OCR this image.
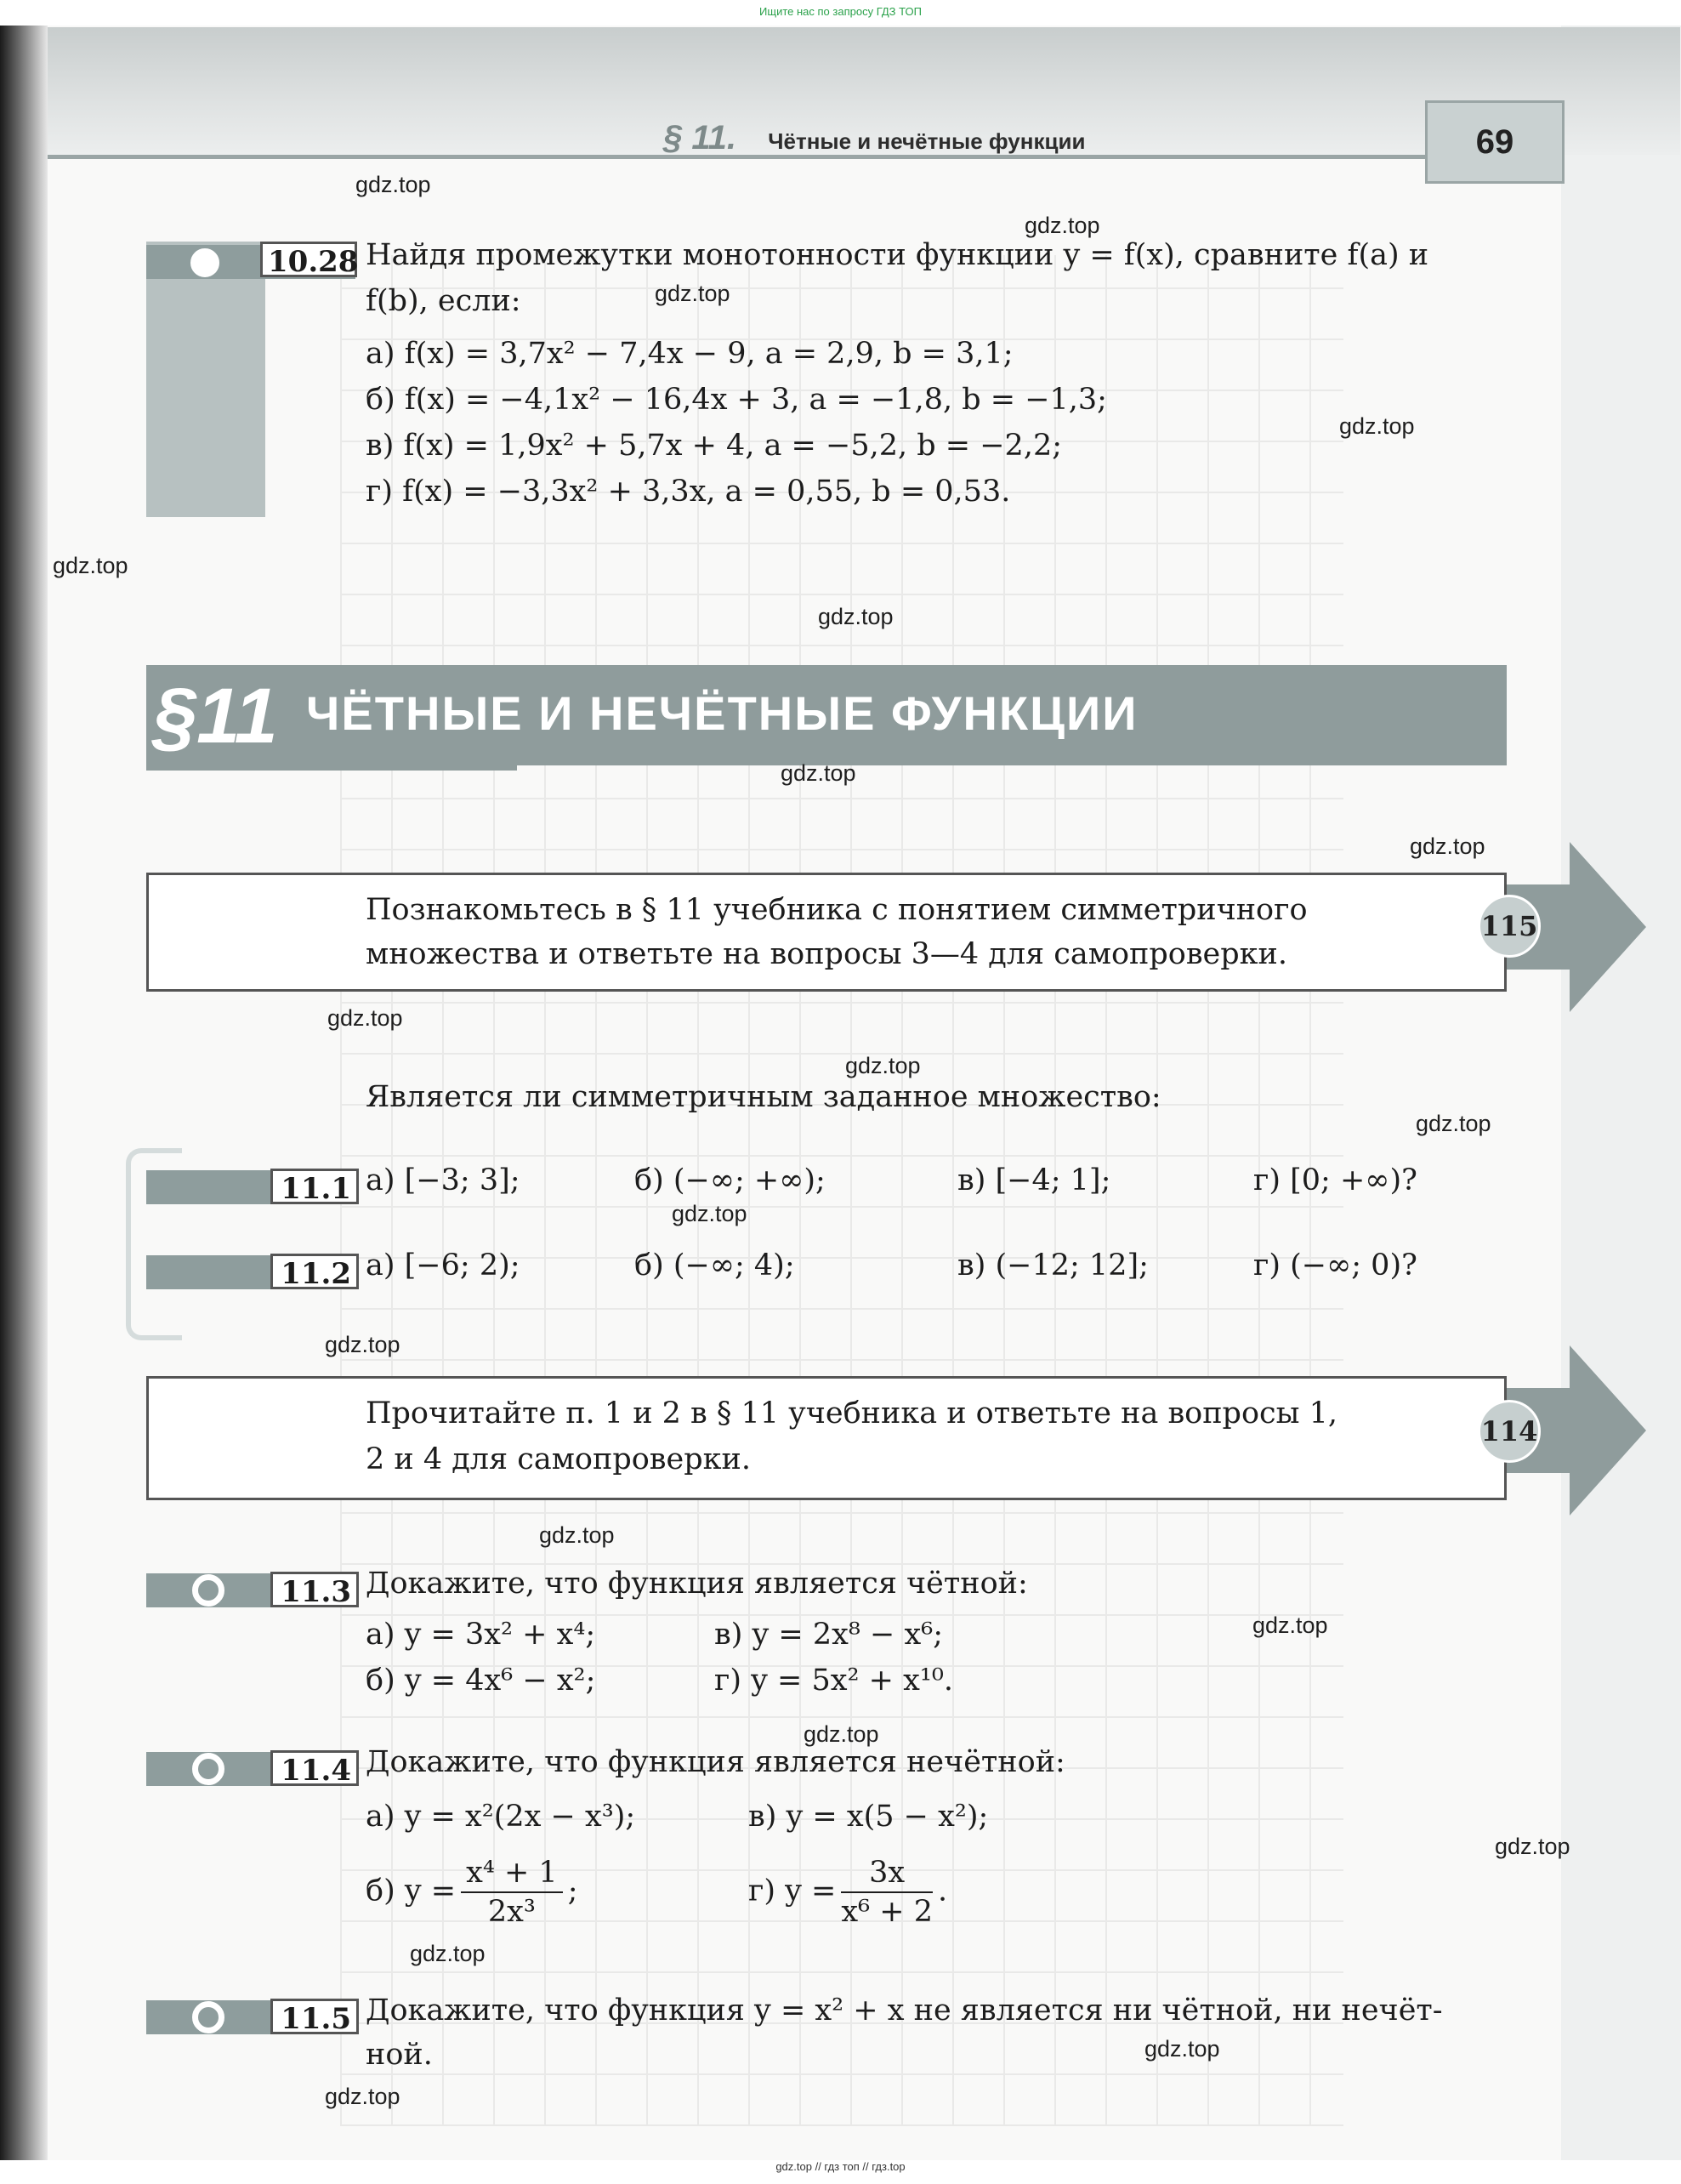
Ищите нас по запросу ГДЗ ТОП
§ 11. Чётные и нечётные функции	69
10.28 Найдя промежутки монотонности функции y = f(x), сравните f(a) и
f(b), если:
а) f(x) = 3,7x² − 7,4x − 9, a = 2,9, b = 3,1;
б) f(x) = −4,1x² − 16,4x + 3, a = −1,8, b = −1,3;
в) f(x) = 1,9x² + 5,7x + 4, a = −5,2, b = −2,2;
г) f(x) = −3,3x² + 3,3x, a = 0,55, b = 0,53.
§11 ЧЁТНЫЕ И НЕЧЁТНЫЕ ФУНКЦИИ
Познакомьтесь в § 11 учебника с понятием симметричного
множества и ответьте на вопросы 3—4 для самопроверки.
115
Является ли симметричным заданное множество:
11.1 а) [−3; 3];	б) (−∞; +∞);	в) [−4; 1];	г) [0; +∞)?
11.2 а) [−6; 2);	б) (−∞; 4);	в) (−12; 12];	г) (−∞; 0)?
Прочитайте п. 1 и 2 в § 11 учебника и ответьте на вопросы 1,
2 и 4 для самопроверки.
114
11.3 Докажите, что функция является чётной:
а) y = 3x² + x⁴;	в) y = 2x⁸ − x⁶;
б) y = 4x⁶ − x²;	г) y = 5x² + x¹⁰.
11.4 Докажите, что функция является нечётной:
а) y = x²(2x − x³);	в) y = x(5 − x²);
б) $y = \frac{\text{x⁴ + 1}}{\text{2x³}}$ ;	г) $y = \frac{3x}{\text{x⁶ + 2}}$ .
11.5 Докажите, что функция y = x² + x не является ни чётной, ни нечёт-
ной.
gdz.top
gdz.top
gdz.top
gdz.top
gdz.top
gdz.top
gdz.top
gdz.top
gdz.top
gdz.top
gdz.top
gdz.top
gdz.top
gdz.top
gdz.top
gdz.top
gdz.top
gdz.top
gdz.top
gdz.top
gdz.top // гдз топ // гдз.top
